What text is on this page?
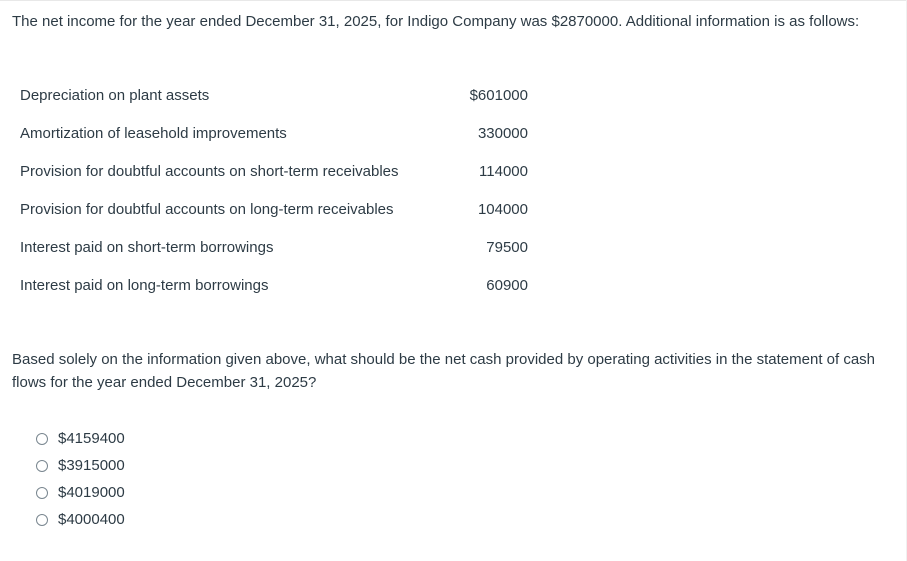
The net income for the year ended December 31, 2025, for Indigo Company was $2870000. Additional information is as follows:

Depreciation on plant assets	$601000
Amortization of leasehold improvements	330000
Provision for doubtful accounts on short-term receivables	114000
Provision for doubtful accounts on long-term receivables	104000
Interest paid on short-term borrowings	79500
Interest paid on long-term borrowings	60900

Based solely on the information given above, what should be the net cash provided by operating activities in the statement of cash flows for the year ended December 31, 2025?

$4159400
$3915000
$4019000
$4000400
